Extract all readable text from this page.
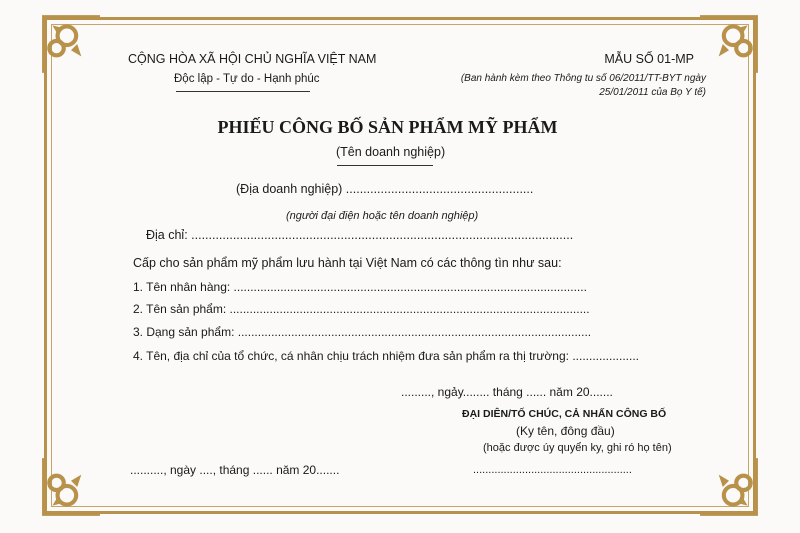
CỘNG HÒA XÃ HỘI CHỦ NGHĨA VIỆT NAM
Độc lập - Tự do - Hạnh phúc
MẪU SỐ 01-MP
(Ban hành kèm theo Thông tu số 06/2011/TT-BYT ngày
25/01/2011 của Bọ Y tế)
PHIẾU CÔNG BỐ SẢN PHẨM MỸ PHẨM
(Tên doanh nghiệp)
(Địa doanh nghiệp) ......................................................
(người đại điện hoặc tên doanh nghiệp)
Địa chỉ: ..............................................................................................................
Cấp cho sản phẩm mỹ phẩm lưu hành tại Việt Nam có các thông tìn như sau:
1. Tên nhân hàng: ..........................................................................................................
2. Tên sản phẩm: ............................................................................................................
3. Dạng sản phẩm: ..........................................................................................................
4. Tên, địa chỉ của tổ chức, cá nhân chịu trách nhiệm đưa sản phẩm ra thị trường: ....................
........., ngảy........ tháng ...... năm 20.......
ĐẠI DIÊN/TỐ CHÚC, CẢ NHẤN CÔNG BỐ
(Ky tên, đông đầu)
(hoặc được úy quyển ky, ghi ró họ tên)
....................................................
.........., ngày ...., tháng ...... năm 20.......
